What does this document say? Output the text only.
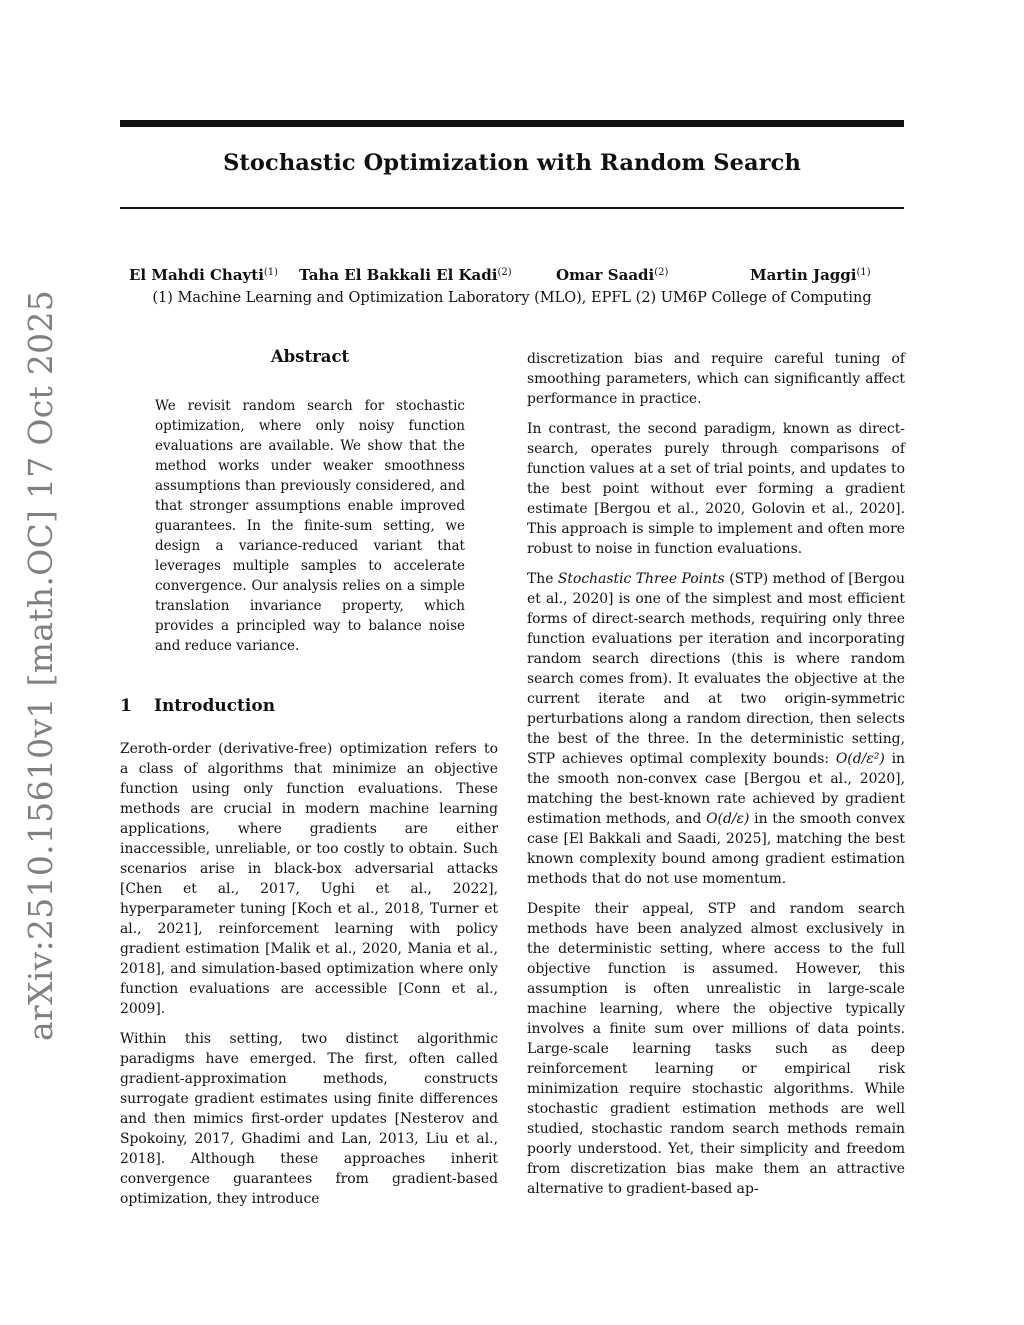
Stochastic Optimization with Random Search
El Mahdi Chayti$^{(1)}$ Taha El Bakkali El Kadi$^{(2)}$	Omar Saadi$^{(2)}$	Martin Jaggi$^{(1)}$
(1) Machine Learning and Optimization Laboratory (MLO), EPFL (2) UM6P College of Computing
arXiv:2510.15610v1 [math.OC] 17 Oct 2025	Abstract
We revisit random search for stochastic optimization, where only noisy function evaluations are available. We show that the method works under weaker smoothness assumptions than previously considered, and that stronger assumptions enable improved guarantees. In the finite-sum setting, we design a variance-reduced variant that leverages multiple samples to accelerate convergence. Our analysis relies on a simple translation invariance property, which provides a principled way to balance noise and reduce variance.
1 Introduction

Zeroth-order (derivative-free) optimization refers to a class of algorithms that minimize an objective function using only function evaluations. These methods are crucial in modern machine learning applications, where gradients are either inaccessible, unreliable, or too costly to obtain. Such scenarios arise in black-box adversarial attacks [Chen et al., 2017, Ughi et al., 2022], hyperparameter tuning [Koch et al., 2018, Turner et al., 2021], reinforcement learning with policy gradient estimation [Malik et al., 2020, Mania et al., 2018], and simulation-based optimization where only function evaluations are accessible [Conn et al., 2009].

Within this setting, two distinct algorithmic paradigms have emerged. The first, often called gradient-approximation methods, constructs surrogate gradient estimates using finite differences and then mimics first-order updates [Nesterov and Spokoiny, 2017, Ghadimi and Lan, 2013, Liu et al., 2018]. Although these approaches inherit convergence guarantees from gradient-based optimization, they introduce

discretization bias and require careful tuning of smoothing parameters, which can significantly affect performance in practice.

In contrast, the second paradigm, known as direct-search, operates purely through comparisons of function values at a set of trial points, and updates to the best point without ever forming a gradient estimate [Bergou et al., 2020, Golovin et al., 2020]. This approach is simple to implement and often more robust to noise in function evaluations.

The Stochastic Three Points (STP) method of [Bergou et al., 2020] is one of the simplest and most efficient forms of direct-search methods, requiring only three function evaluations per iteration and incorporating random search directions (this is where random search comes from). It evaluates the objective at the current iterate and at two origin-symmetric perturbations along a random direction, then selects the best of the three. In the deterministic setting, STP achieves optimal complexity bounds: O(d/ε²) in the smooth non-convex case [Bergou et al., 2020], matching the best-known rate achieved by gradient estimation methods, and O(d/ε) in the smooth convex case [El Bakkali and Saadi, 2025], matching the best known complexity bound among gradient estimation methods that do not use momentum.

Despite their appeal, STP and random search methods have been analyzed almost exclusively in the deterministic setting, where access to the full objective function is assumed. However, this assumption is often unrealistic in large-scale machine learning, where the objective typically involves a finite sum over millions of data points. Large-scale learning tasks such as deep reinforcement learning or empirical risk minimization require stochastic algorithms. While stochastic gradient estimation methods are well studied, stochastic random search methods remain poorly understood. Yet, their simplicity and freedom from discretization bias make them an attractive alternative to gradient-based ap-
